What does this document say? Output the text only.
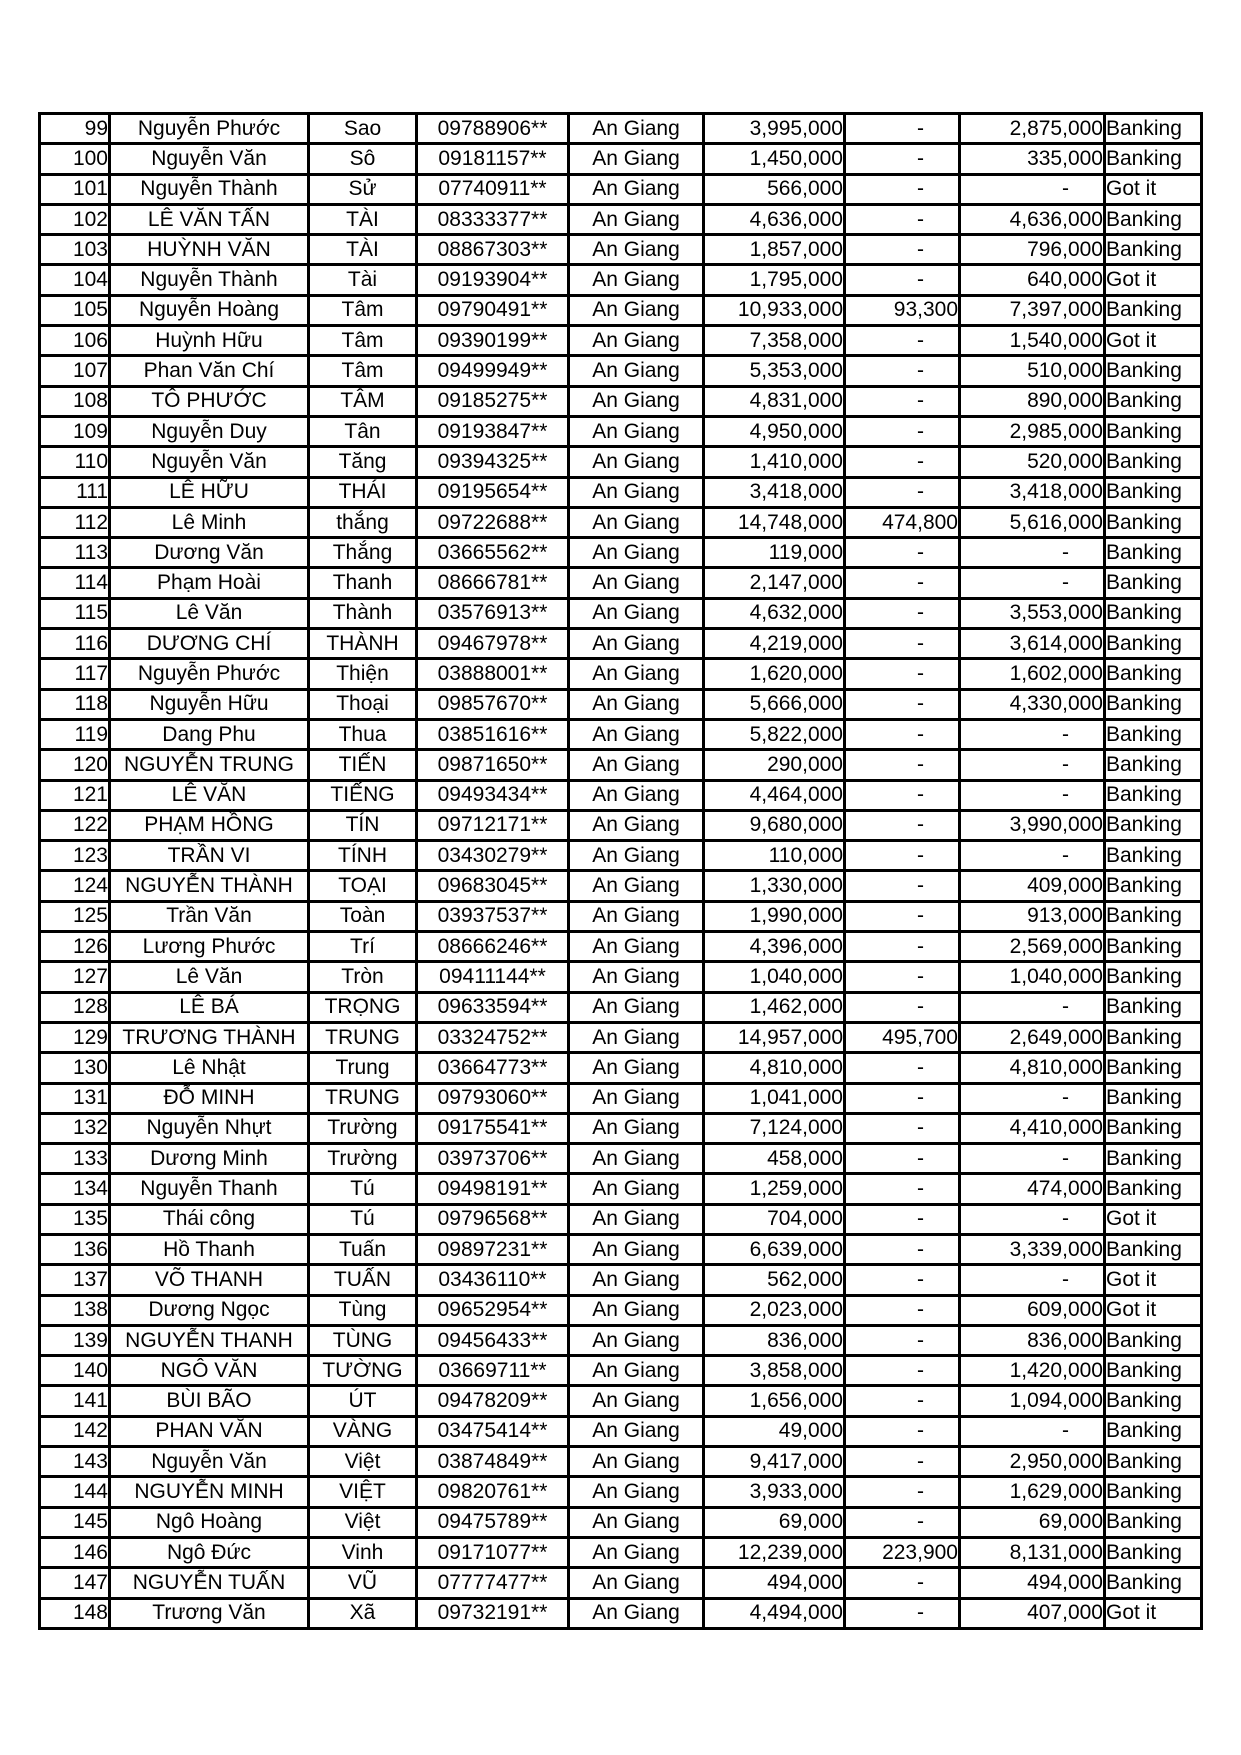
99	Nguyễn Phước	Sao	09788906**	An Giang	3,995,000	-	2,875,000	Banking
100	Nguyễn Văn	Sô	09181157**	An Giang	1,450,000	-	335,000	Banking
101	Nguyễn Thành	Sử	07740911**	An Giang	566,000	-	-	Got it
102	LÊ VĂN TẤN	TÀI	08333377**	An Giang	4,636,000	-	4,636,000	Banking
103	HUỲNH VĂN	TÀI	08867303**	An Giang	1,857,000	-	796,000	Banking
104	Nguyễn Thành	Tài	09193904**	An Giang	1,795,000	-	640,000	Got it
105	Nguyễn Hoàng	Tâm	09790491**	An Giang	10,933,000	93,300	7,397,000	Banking
106	Huỳnh Hữu	Tâm	09390199**	An Giang	7,358,000	-	1,540,000	Got it
107	Phan Văn Chí	Tâm	09499949**	An Giang	5,353,000	-	510,000	Banking
108	TÔ PHƯỚC	TÂM	09185275**	An Giang	4,831,000	-	890,000	Banking
109	Nguyễn Duy	Tân	09193847**	An Giang	4,950,000	-	2,985,000	Banking
110	Nguyễn Văn	Tăng	09394325**	An Giang	1,410,000	-	520,000	Banking
111	LÊ HỮU	THÁI	09195654**	An Giang	3,418,000	-	3,418,000	Banking
112	Lê Minh	thắng	09722688**	An Giang	14,748,000	474,800	5,616,000	Banking
113	Dương Văn	Thắng	03665562**	An Giang	119,000	-	-	Banking
114	Phạm Hoài	Thanh	08666781**	An Giang	2,147,000	-	-	Banking
115	Lê Văn	Thành	03576913**	An Giang	4,632,000	-	3,553,000	Banking
116	DƯƠNG CHÍ	THÀNH	09467978**	An Giang	4,219,000	-	3,614,000	Banking
117	Nguyễn Phước	Thiện	03888001**	An Giang	1,620,000	-	1,602,000	Banking
118	Nguyễn Hữu	Thoại	09857670**	An Giang	5,666,000	-	4,330,000	Banking
119	Dang Phu	Thua	03851616**	An Giang	5,822,000	-	-	Banking
120	NGUYỄN TRUNG	TIẾN	09871650**	An Giang	290,000	-	-	Banking
121	LÊ VĂN	TIẾNG	09493434**	An Giang	4,464,000	-	-	Banking
122	PHẠM HỒNG	TÍN	09712171**	An Giang	9,680,000	-	3,990,000	Banking
123	TRẦN VI	TÍNH	03430279**	An Giang	110,000	-	-	Banking
124	NGUYỄN THÀNH	TOẠI	09683045**	An Giang	1,330,000	-	409,000	Banking
125	Trần Văn	Toàn	03937537**	An Giang	1,990,000	-	913,000	Banking
126	Lương Phước	Trí	08666246**	An Giang	4,396,000	-	2,569,000	Banking
127	Lê Văn	Tròn	09411144**	An Giang	1,040,000	-	1,040,000	Banking
128	LÊ BÁ	TRỌNG	09633594**	An Giang	1,462,000	-	-	Banking
129	TRƯƠNG THÀNH	TRUNG	03324752**	An Giang	14,957,000	495,700	2,649,000	Banking
130	Lê Nhật	Trung	03664773**	An Giang	4,810,000	-	4,810,000	Banking
131	ĐỖ MINH	TRUNG	09793060**	An Giang	1,041,000	-	-	Banking
132	Nguyễn Nhựt	Trường	09175541**	An Giang	7,124,000	-	4,410,000	Banking
133	Dương Minh	Trường	03973706**	An Giang	458,000	-	-	Banking
134	Nguyễn Thanh	Tú	09498191**	An Giang	1,259,000	-	474,000	Banking
135	Thái công	Tú	09796568**	An Giang	704,000	-	-	Got it
136	Hồ Thanh	Tuấn	09897231**	An Giang	6,639,000	-	3,339,000	Banking
137	VÕ THANH	TUẤN	03436110**	An Giang	562,000	-	-	Got it
138	Dương Ngọc	Tùng	09652954**	An Giang	2,023,000	-	609,000	Got it
139	NGUYỄN THANH	TÙNG	09456433**	An Giang	836,000	-	836,000	Banking
140	NGÔ VĂN	TƯỜNG	03669711**	An Giang	3,858,000	-	1,420,000	Banking
141	BÙI BÃO	ÚT	09478209**	An Giang	1,656,000	-	1,094,000	Banking
142	PHAN VĂN	VÀNG	03475414**	An Giang	49,000	-	-	Banking
143	Nguyễn Văn	Việt	03874849**	An Giang	9,417,000	-	2,950,000	Banking
144	NGUYỄN MINH	VIỆT	09820761**	An Giang	3,933,000	-	1,629,000	Banking
145	Ngô Hoàng	Việt	09475789**	An Giang	69,000	-	69,000	Banking
146	Ngô Đức	Vinh	09171077**	An Giang	12,239,000	223,900	8,131,000	Banking
147	NGUYỄN TUẤN	VŨ	07777477**	An Giang	494,000	-	494,000	Banking
148	Trương Văn	Xã	09732191**	An Giang	4,494,000	-	407,000	Got it
